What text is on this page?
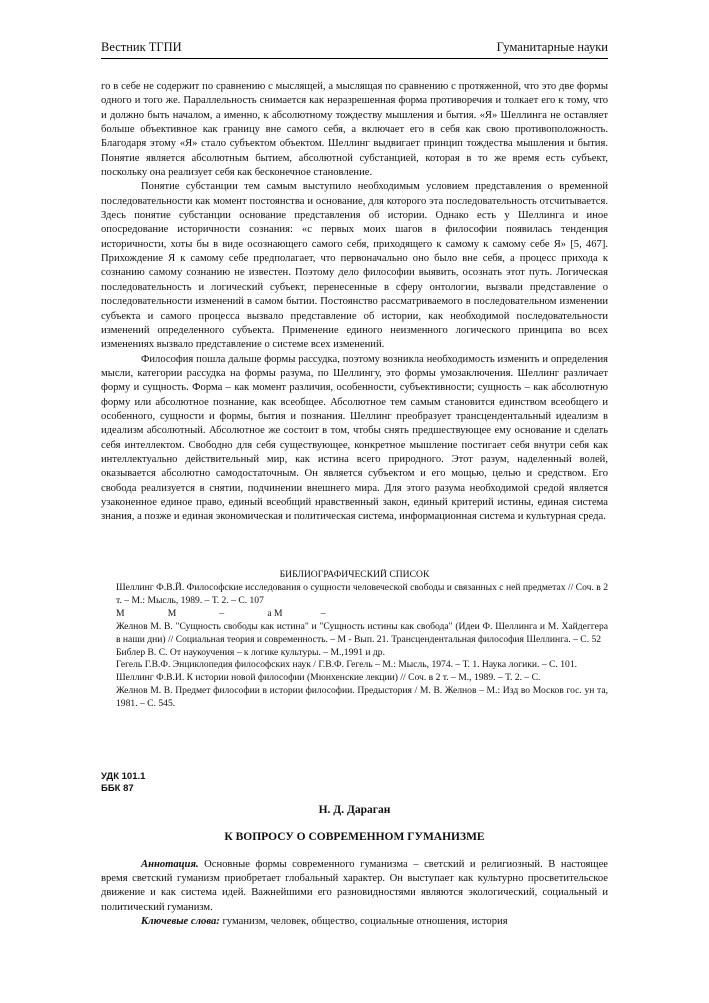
Вестник ТГПИ	Гуманитарные науки

го в себе не содержит по сравнению с мыслящей, а мыслящая по сравнению с протяженной, что это две формы одного и того же. Параллельность снимается как неразрешенная форма противоречия и толкает его к тому, что и должно быть началом, а именно, к абсолютному тождеству мышления и бытия. «Я» Шеллинга не оставляет больше объективное как границу вне самого себя, а включает его в себя как свою противоположность. Благодаря этому «Я» стало субъектом объектом. Шеллинг выдвигает принцип тождества мышления и бытия. Понятие является абсолютным бытием, абсолютной субстанцией, которая в то же время есть субъект, поскольку она реализует себя как бесконечное становление.

Понятие субстанции тем самым выступило необходимым условием представления о временной последовательности как момент постоянства и основание, для которого эта последовательность отсчитывается. Здесь понятие субстанции основание представления об истории. Однако есть у Шеллинга и иное опосредование историчности сознания: «с первых моих шагов в философии появилась тенденция историчности, хоты бы в виде осознающего самого себя, приходящего к самому к самому себе Я» [5, 467]. Прихождение Я к самому себе предполагает, что первоначально оно было вне себя, а процесс прихода к сознанию самому сознанию не известен. Поэтому дело философии выявить, осознать этот путь. Логическая последовательность и логический субъект, перенесенные в сферу онтологии, вызвали представление о последовательности изменений в самом бытии. Постоянство рассматриваемого в последовательном изменении субъекта и самого процесса вызвало представление об истории, как необходимой последовательности изменений определенного субъекта. Применение единого неизменного логического принципа во всех изменениях вызвало представление о системе всех изменений.

Философия пошла дальше формы рассудка, поэтому возникла необходимость изменить и определения мысли, категории рассудка на формы разума, по Шеллингу, это формы умозаключения. Шеллинг различает форму и сущность. Форма – как момент различия, особенности, субъективности; сущность – как абсолютную форму или абсолютное познание, как всеобщее. Абсолютное тем самым становится единством всеобщего и особенного, сущности и формы, бытия и познания. Шеллинг преобразует трансцендентальный идеализм в идеализм абсолютный. Абсолютное же состоит в том, чтобы снять предшествующее ему основание и сделать себя интеллектом. Свободно для себя существующее, конкретное мышление постигает себя внутри себя как интеллектуально действительный мир, как истина всего природного. Этот разум, наделенный волей, оказывается абсолютно самодостаточным. Он является субъектом и его мощью, целью и средством. Его свобода реализуется в снятии, подчинении внешнего мира. Для этого разума необходимой средой является узаконенное единое право, единый всеобщий нравственный закон, единый критерий истины, единая система знания, а позже и единая экономическая и политическая система, информационная система и культурная среда.

БИБЛИОГРАФИЧЕСКИЙ СПИСОК

Шеллинг Ф.В.Й. Философские исследования о сущности человеческой свободы и связанных с ней предметах // Соч. в 2 т. – М.: Мысль, 1989. – Т. 2. – С. 107

М                  М                  –                  а М                –

Желнов М. В. "Сущность свободы как истина" и "Сущность истины как свобода" (Идеи Ф. Шеллинга и М. Хайдеггера в наши дни) // Социальная теория и современность. – М - Вып. 21. Трансцендентальная философия Шеллинга. – С. 52

Библер В. С. От наукоучения – к логике культуры. – М.,1991 и др.

Гегель Г.В.Ф. Энциклопедия философских наук / Г.В.Ф. Гегель – М.: Мысль, 1974. – Т. 1. Наука логики. – С. 101.

Шеллинг Ф.В.И. К истории новой философии (Мюнхенские лекции) // Соч. в 2 т. – М., 1989. – Т. 2. – С.

Желнов М. В. Предмет философии в истории философии. Предыстория / М. В. Желнов – М.: Изд во Москов гос. ун та, 1981. – С. 545.

УДК 101.1
ББК 87
Н. Д. Дараган
К ВОПРОСУ О СОВРЕМЕННОМ ГУМАНИЗМЕ

Аннотация. Основные формы современного гуманизма – светский и религиозный. В настоящее время светский гуманизм приобретает глобальный характер. Он выступает как культурно просветительское движение и как система идей. Важнейшими его разновидностями являются экологический, социальный и политический гуманизм.

Ключевые слова: гуманизм, человек, общество, социальные отношения, история
